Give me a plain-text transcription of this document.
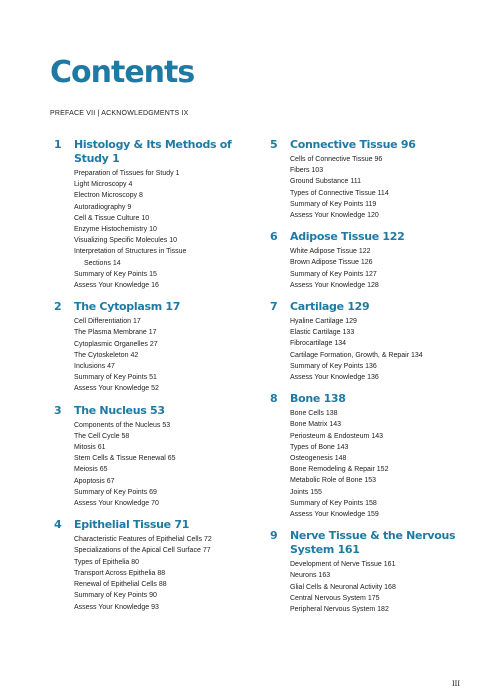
Contents
PREFACE VII | ACKNOWLEDGMENTS IX
1	Histology & Its Methods of Study 1
Preparation of Tissues for Study 1
Light Microscopy 4
Electron Microscopy 8
Autoradiography 9
Cell & Tissue Culture 10
Enzyme Histochemistry 10
Visualizing Specific Molecules 10
Interpretation of Structures in Tissue
Sections 14
Summary of Key Points 15
Assess Your Knowledge 16
2	The Cytoplasm 17
Cell Differentiation 17
The Plasma Membrane 17
Cytoplasmic Organelles 27
The Cytoskeleton 42
Inclusions 47
Summary of Key Points 51
Assess Your Knowledge 52
3	The Nucleus 53
Components of the Nucleus 53
The Cell Cycle 58
Mitosis 61
Stem Cells & Tissue Renewal 65
Meiosis 65
Apoptosis 67
Summary of Key Points 69
Assess Your Knowledge 70
4	Epithelial Tissue 71
Characteristic Features of Epithelial Cells 72
Specializations of the Apical Cell Surface 77
Types of Epithelia 80
Transport Across Epithelia 88
Renewal of Epithelial Cells 88
Summary of Key Points 90
Assess Your Knowledge 93
5	Connective Tissue 96
Cells of Connective Tissue 96
Fibers 103
Ground Substance 111
Types of Connective Tissue 114
Summary of Key Points 119
Assess Your Knowledge 120
6	Adipose Tissue 122
White Adipose Tissue 122
Brown Adipose Tissue 126
Summary of Key Points 127
Assess Your Knowledge 128
7	Cartilage 129
Hyaline Cartilage 129
Elastic Cartilage 133
Fibrocartilage 134
Cartilage Formation, Growth, & Repair 134
Summary of Key Points 136
Assess Your Knowledge 136
8	Bone 138
Bone Cells 138
Bone Matrix 143
Periosteum & Endosteum 143
Types of Bone 143
Osteogenesis 148
Bone Remodeling & Repair 152
Metabolic Role of Bone 153
Joints 155
Summary of Key Points 158
Assess Your Knowledge 159
9	Nerve Tissue & the Nervous System 161
Development of Nerve Tissue 161
Neurons 163
Glial Cells & Neuronal Activity 168
Central Nervous System 175
Peripheral Nervous System 182
III
